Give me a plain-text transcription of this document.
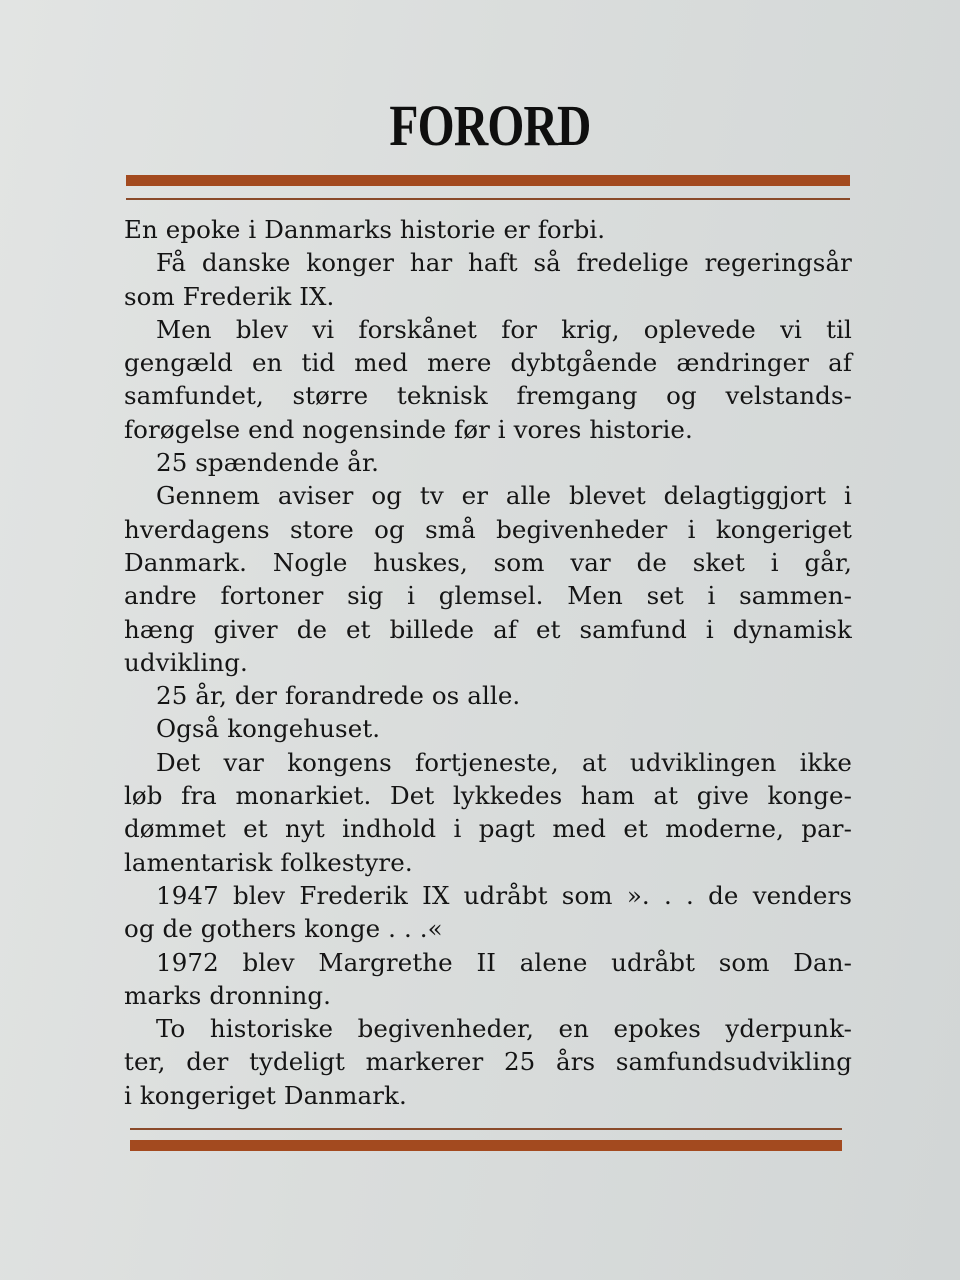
FORORD
En epoke i Danmarks historie er forbi.
Få danske konger har haft så fredelige regeringsår
som Frederik IX.
Men blev vi forskånet for krig, oplevede vi til
gengæld en tid med mere dybtgående ændringer af
samfundet, større teknisk fremgang og velstands-
forøgelse end nogensinde før i vores historie.
25 spændende år.
Gennem aviser og tv er alle blevet delagtiggjort i
hverdagens store og små begivenheder i kongeriget
Danmark. Nogle huskes, som var de sket i går,
andre fortoner sig i glemsel. Men set i sammen-
hæng giver de et billede af et samfund i dynamisk
udvikling.
25 år, der forandrede os alle.
Også kongehuset.
Det var kongens fortjeneste, at udviklingen ikke
løb fra monarkiet. Det lykkedes ham at give konge-
dømmet et nyt indhold i pagt med et moderne, par-
lamentarisk folkestyre.
1947 blev Frederik IX udråbt som ». . . de venders
og de gothers konge . . .«
1972 blev Margrethe II alene udråbt som Dan-
marks dronning.
To historiske begivenheder, en epokes yderpunk-
ter, der tydeligt markerer 25 års samfundsudvikling
i kongeriget Danmark.
